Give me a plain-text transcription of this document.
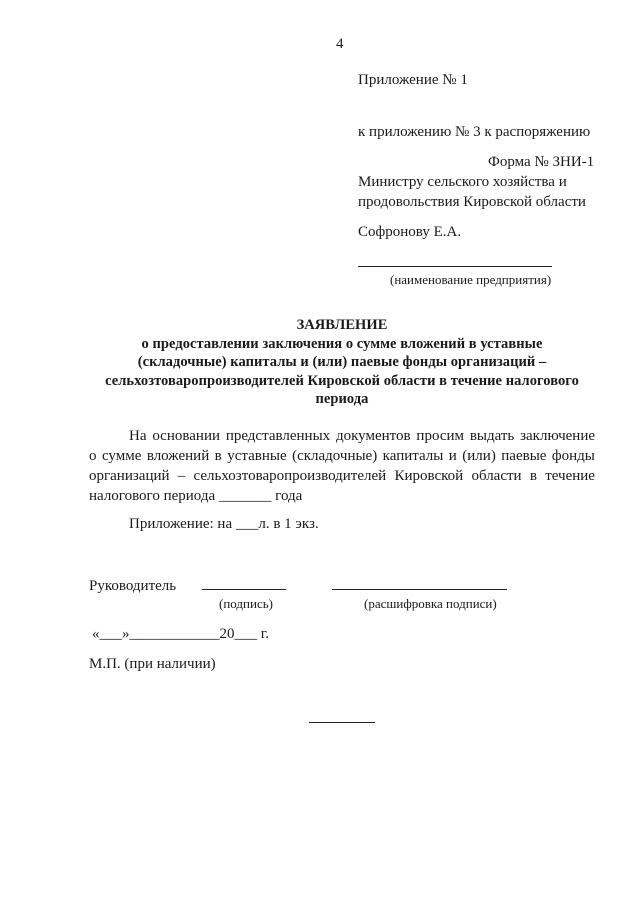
4
Приложение № 1
к приложению № 3 к распоряжению
Форма № ЗНИ-1
Министру сельского хозяйства и
продовольствия Кировской области
Софронову Е.А.
(наименование предприятия)
ЗАЯВЛЕНИЕ
о предоставлении заключения о сумме вложений в уставные
(складочные) капиталы и (или) паевые фонды организаций –
сельхозтоваропроизводителей Кировской области в течение налогового
периода
На основании представленных документов просим выдать заключение
о сумме вложений в уставные (складочные) капиталы и (или) паевые фонды
организаций – сельхозтоваропроизводителей Кировской области в течение
налогового периода _______ года
Приложение: на ___л. в 1 экз.
Руководитель
(подпись)	(расшифровка подписи)
«___»____________20___ г.
М.П. (при наличии)
